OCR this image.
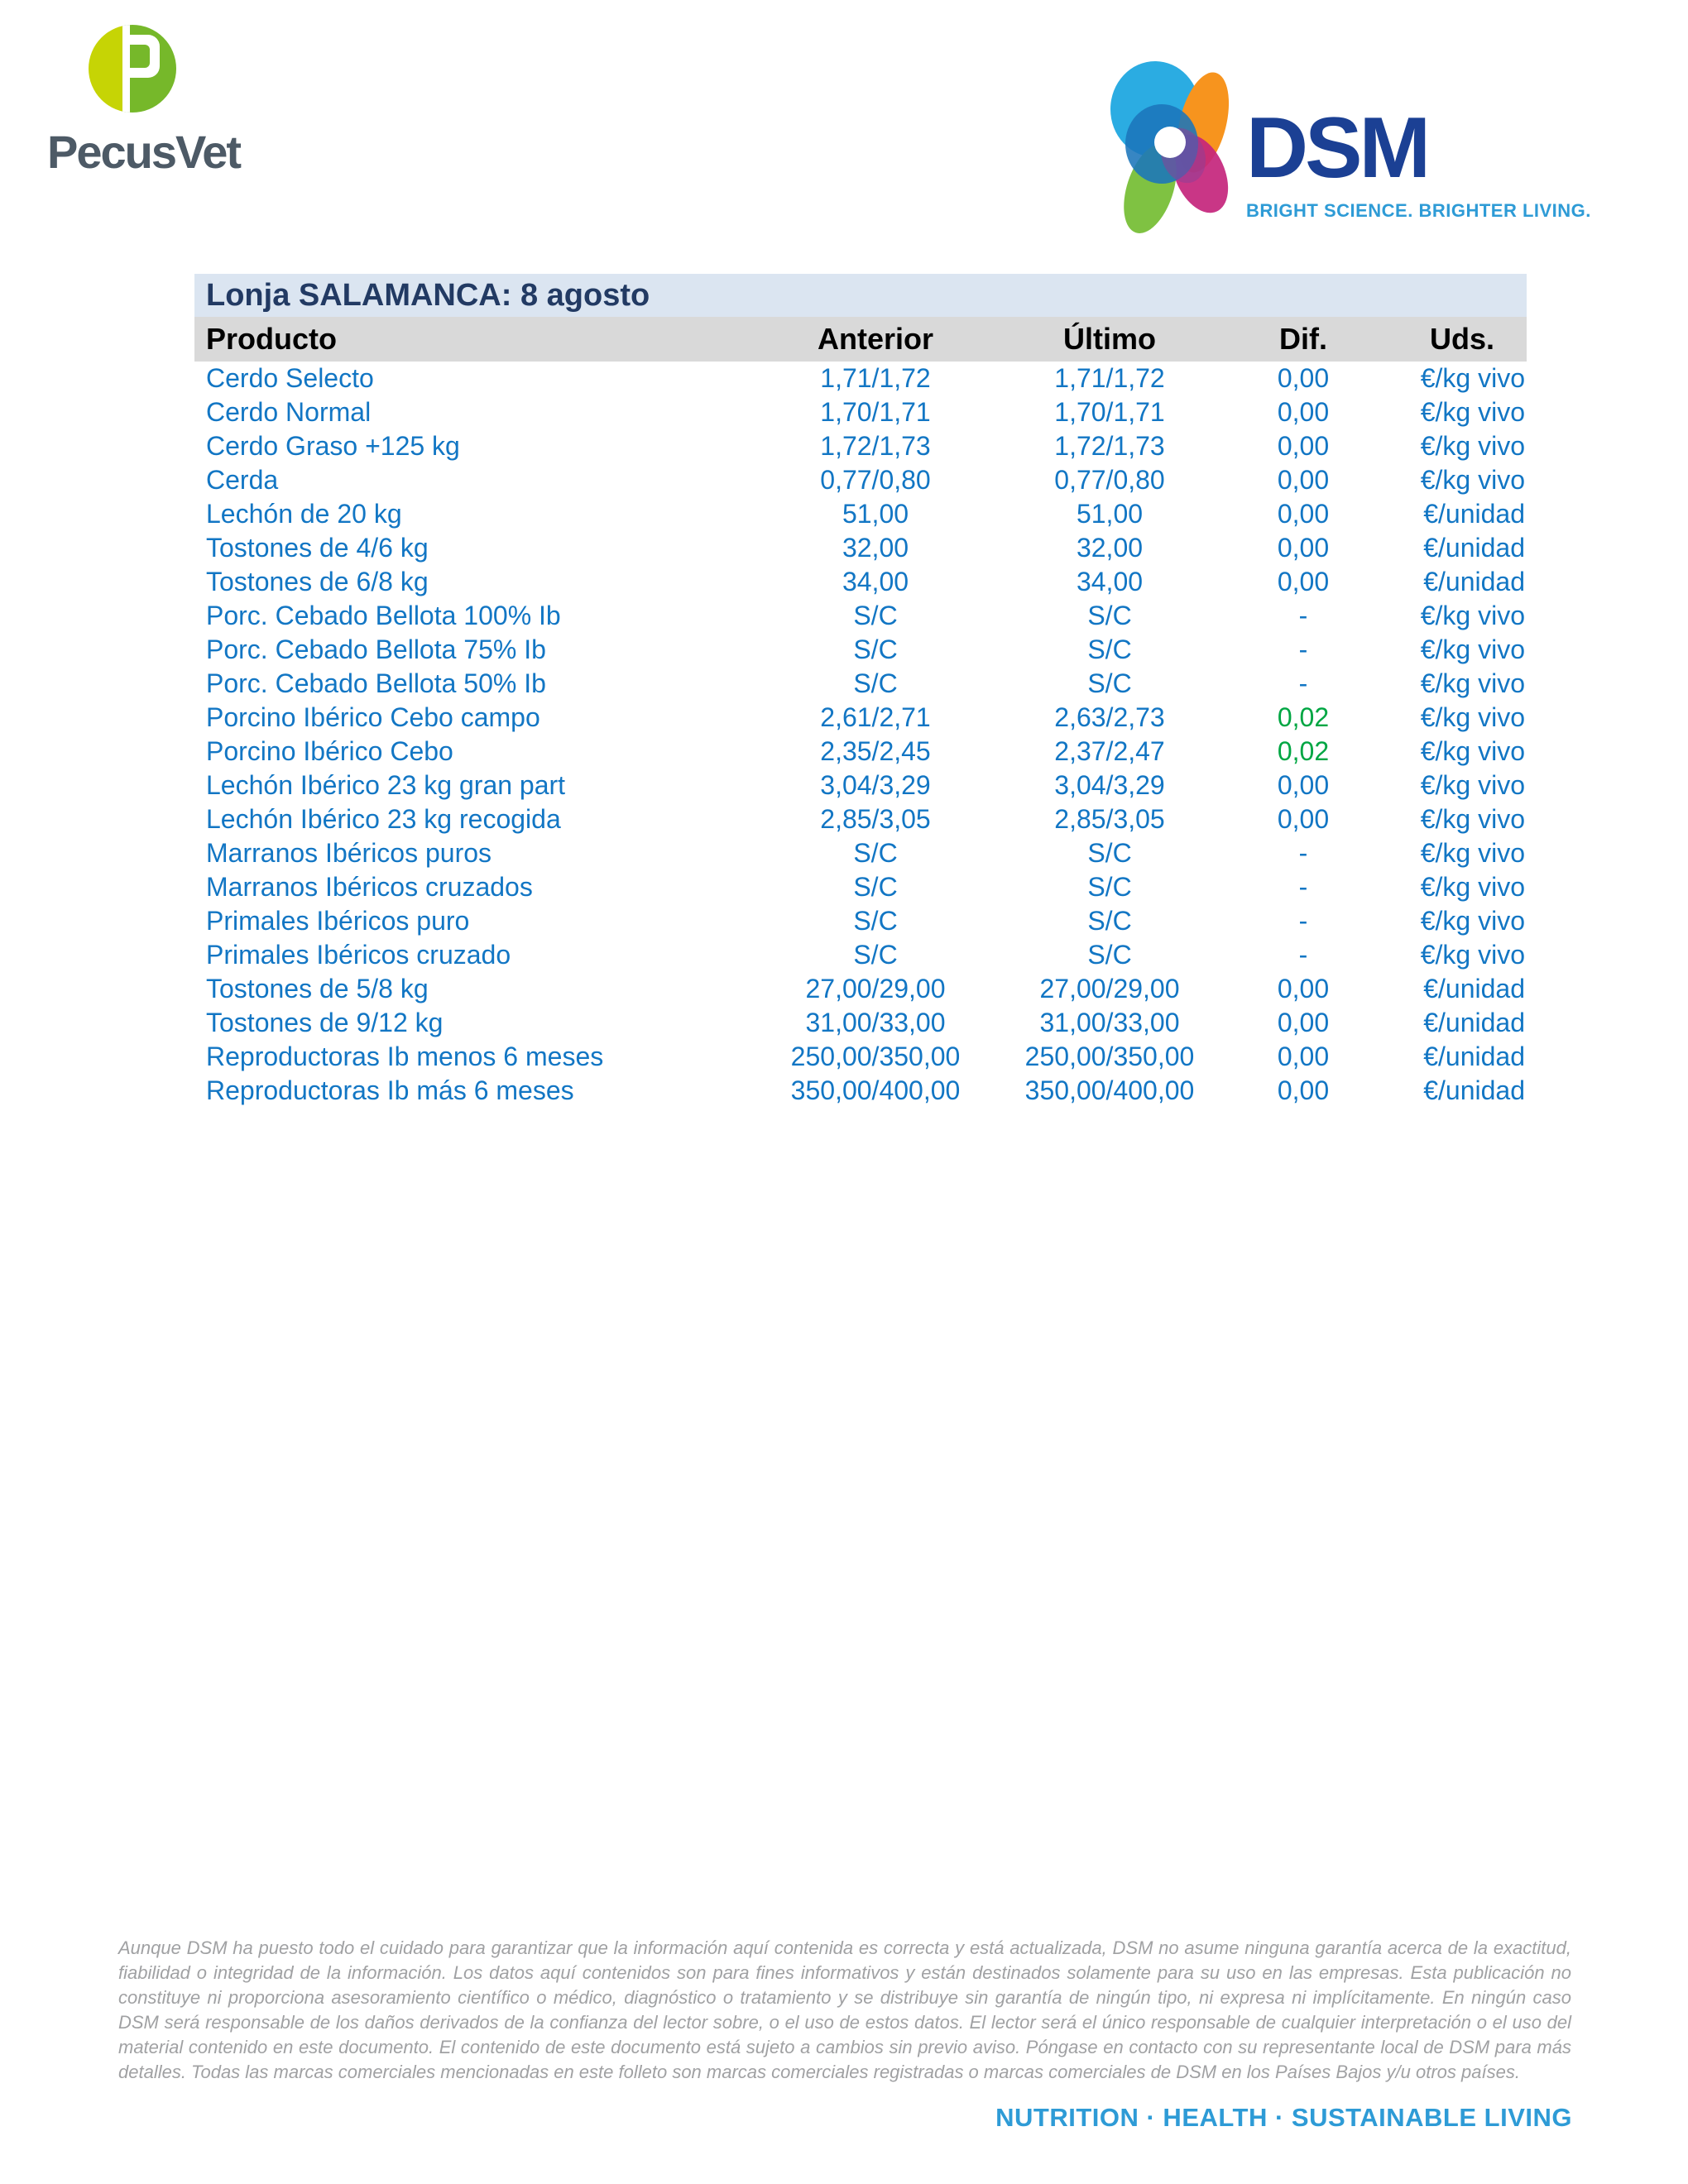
PecusVet	DSM
BRIGHT SCIENCE. BRIGHTER LIVING.
Lonja SALAMANCA: 8 agosto
Producto	Anterior	Último	Dif.	Uds.
Cerdo Selecto	1,71/1,72	1,71/1,72	0,00	€/kg vivo
Cerdo Normal	1,70/1,71	1,70/1,71	0,00	€/kg vivo
Cerdo Graso +125 kg	1,72/1,73	1,72/1,73	0,00	€/kg vivo
Cerda	0,77/0,80	0,77/0,80	0,00	€/kg vivo
Lechón de 20 kg	51,00	51,00	0,00	€/unidad
Tostones de 4/6 kg	32,00	32,00	0,00	€/unidad
Tostones de 6/8 kg	34,00	34,00	0,00	€/unidad
Porc. Cebado Bellota 100% Ib	S/C	S/C	-	€/kg vivo
Porc. Cebado Bellota 75% Ib	S/C	S/C	-	€/kg vivo
Porc. Cebado Bellota 50% Ib	S/C	S/C	-	€/kg vivo
Porcino Ibérico Cebo campo	2,61/2,71	2,63/2,73	0,02	€/kg vivo
Porcino Ibérico Cebo	2,35/2,45	2,37/2,47	0,02	€/kg vivo
Lechón Ibérico 23 kg gran part	3,04/3,29	3,04/3,29	0,00	€/kg vivo
Lechón Ibérico 23 kg recogida	2,85/3,05	2,85/3,05	0,00	€/kg vivo
Marranos Ibéricos puros	S/C	S/C	-	€/kg vivo
Marranos Ibéricos cruzados	S/C	S/C	-	€/kg vivo
Primales Ibéricos puro	S/C	S/C	-	€/kg vivo
Primales Ibéricos cruzado	S/C	S/C	-	€/kg vivo
Tostones de 5/8 kg	27,00/29,00	27,00/29,00	0,00	€/unidad
Tostones de 9/12 kg	31,00/33,00	31,00/33,00	0,00	€/unidad
Reproductoras Ib menos 6 meses	250,00/350,00	250,00/350,00	0,00	€/unidad
Reproductoras Ib más 6 meses	350,00/400,00	350,00/400,00	0,00	€/unidad
Aunque DSM ha puesto todo el cuidado para garantizar que la información aquí contenida es correcta y está actualizada, DSM no asume ninguna garantía acerca de la exactitud, fiabilidad o integridad de la información. Los datos aquí contenidos son para fines informativos y están destinados solamente para su uso en las empresas. Esta publicación no constituye ni proporciona asesoramiento científico o médico, diagnóstico o tratamiento y se distribuye sin garantía de ningún tipo, ni expresa ni implícitamente. En ningún caso DSM será responsable de los daños derivados de la confianza del lector sobre, o el uso de estos datos. El lector será el único responsable de cualquier interpretación o el uso del material contenido en este documento. El contenido de este documento está sujeto a cambios sin previo aviso. Póngase en contacto con su representante local de DSM para más detalles. Todas las marcas comerciales mencionadas en este folleto son marcas comerciales registradas o marcas comerciales de DSM en los Países Bajos y/u otros países.
NUTRITION · HEALTH · SUSTAINABLE LIVING
